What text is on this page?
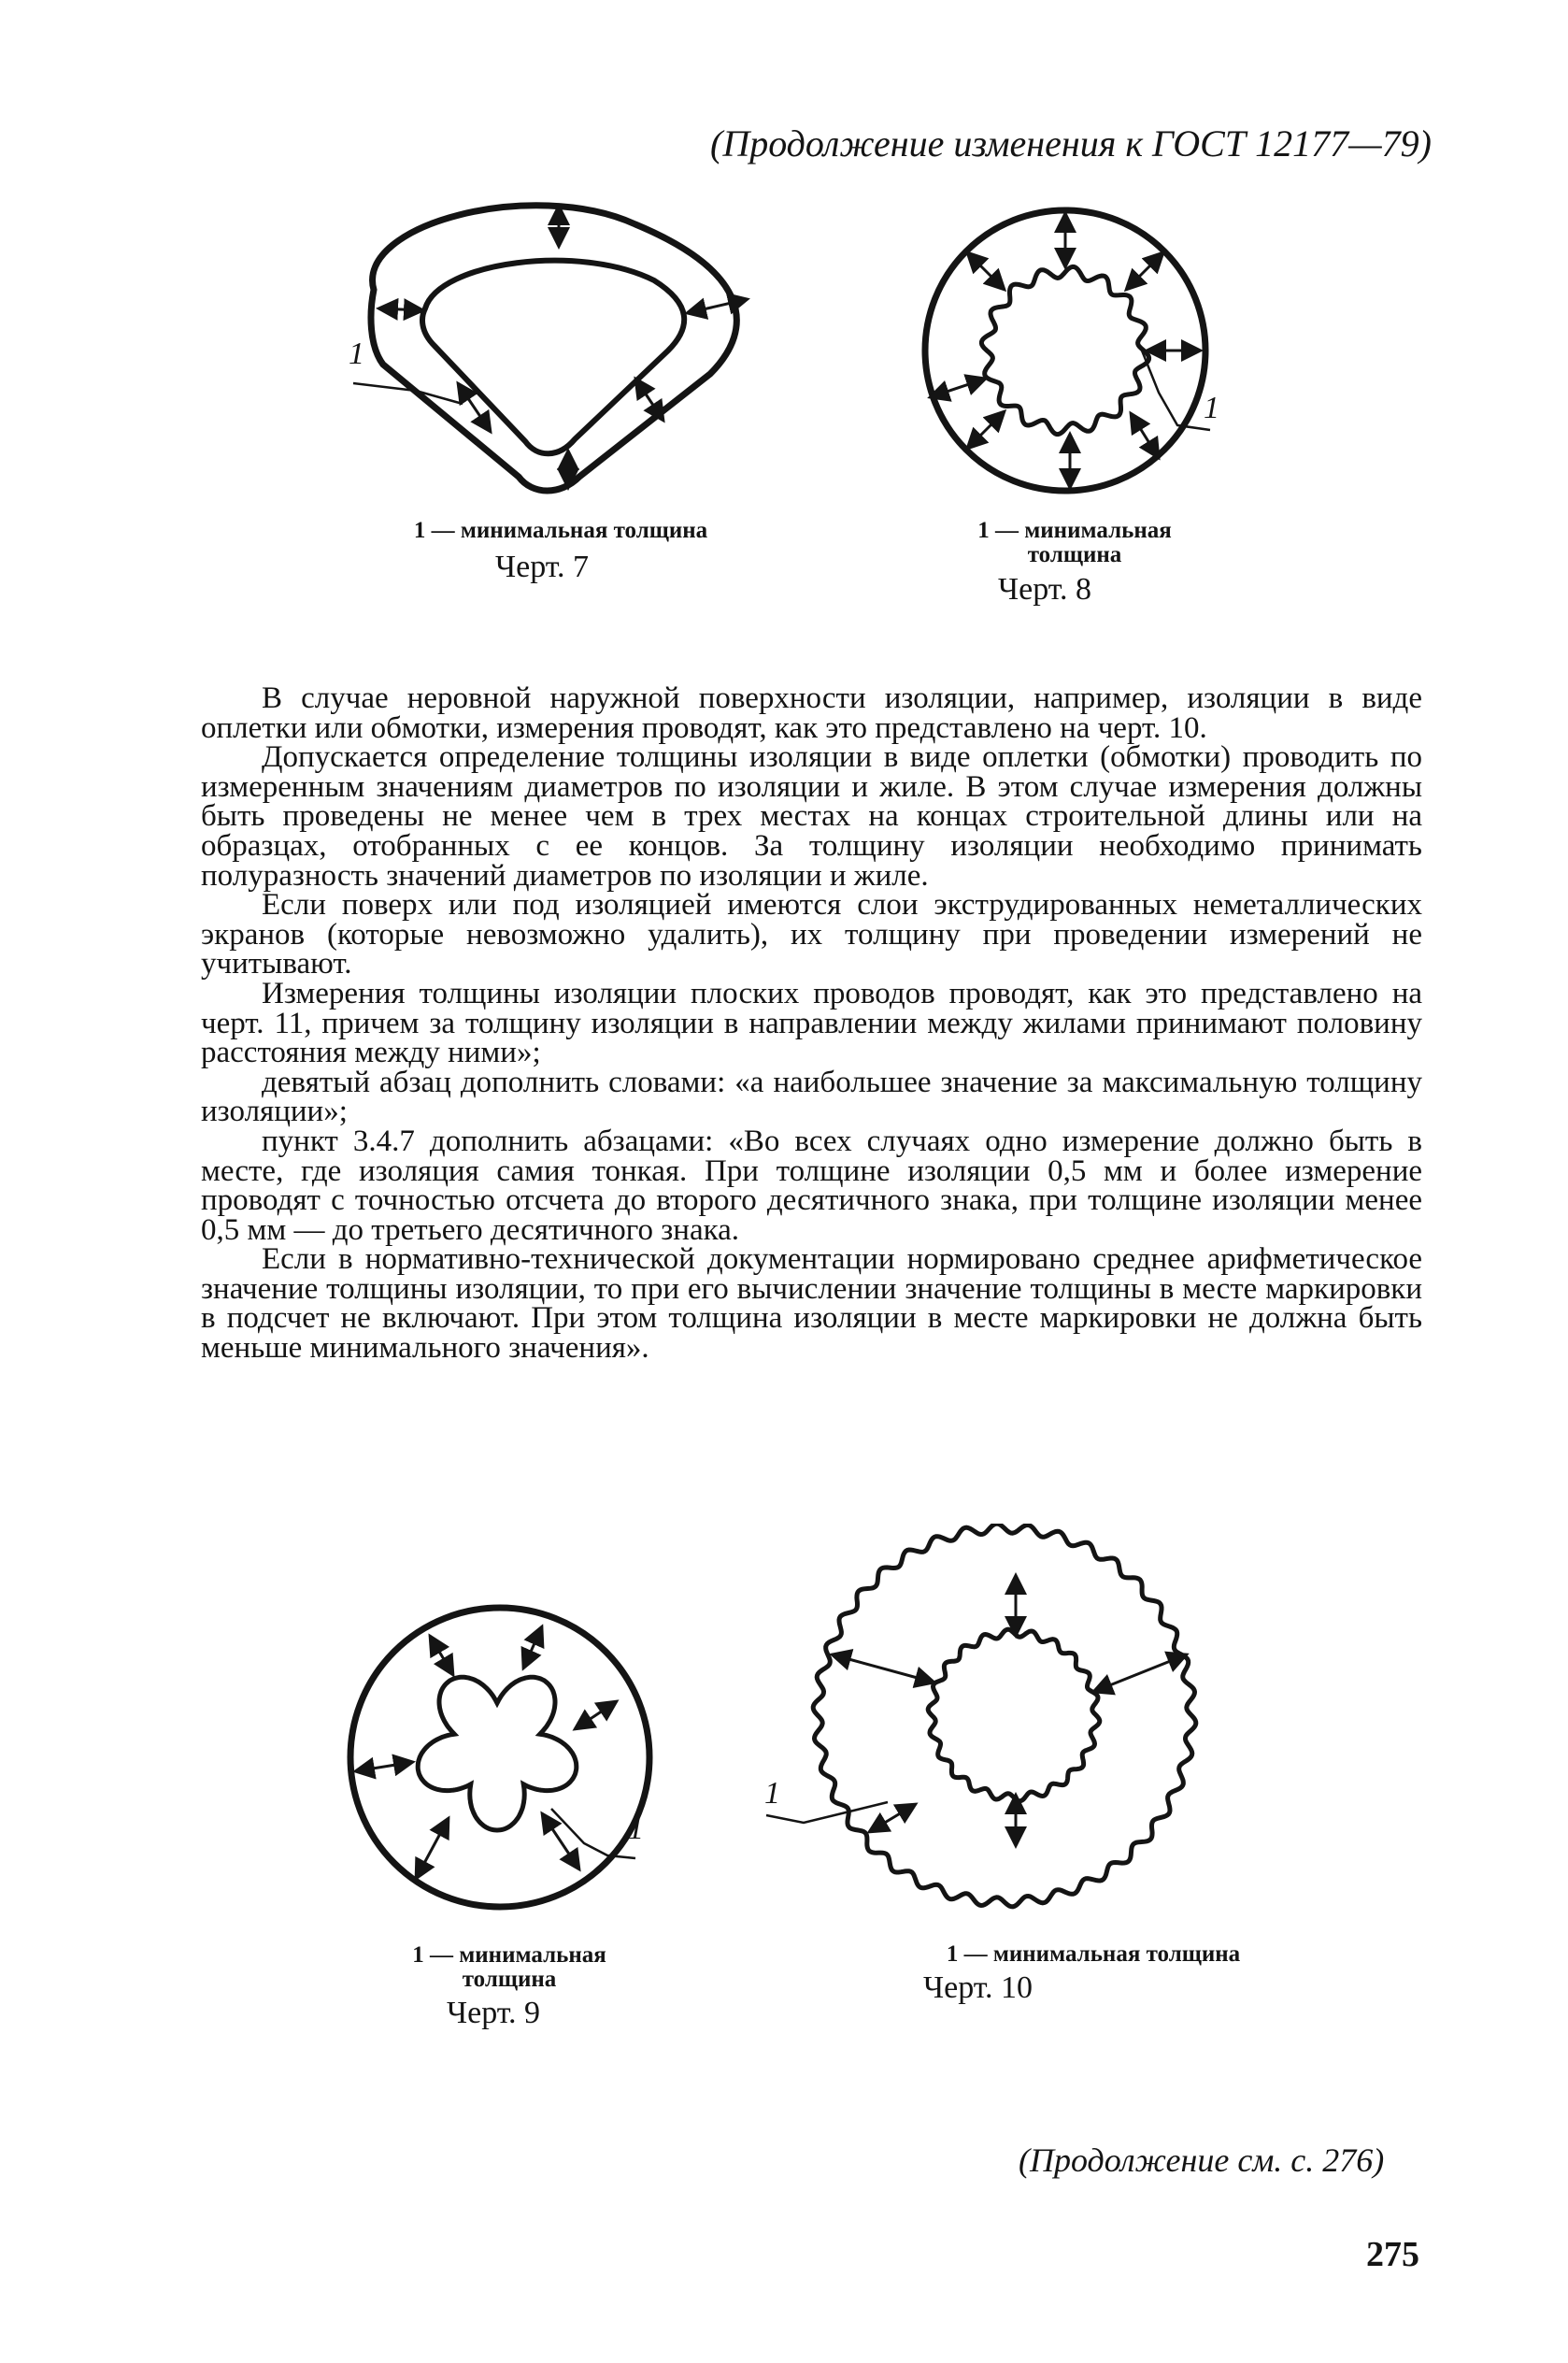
(Продолжение изменения к ГОСТ 12177—79)
1
1 — минимальная толщина
Черт. 7
1
1 — минимальная
толщина
Черт. 8

В случае неровной наружной поверхности изоляции, например, изоляции в виде оплетки или обмотки, измерения проводят, как это представлено на черт. 10.

Допускается определение толщины изоляции в виде оплетки (обмотки) проводить по измеренным значениям диаметров по изоляции и жиле. В этом случае измерения должны быть проведены не менее чем в трех местах на концах строительной длины или на образцах, отобранных с ее концов. За толщину изоляции необходимо принимать полуразность значений диаметров по изоляции и жиле.

Если поверх или под изоляцией имеются слои экструдированных неметаллических экранов (которые невозможно удалить), их толщину при проведении измерений не учитывают.

Измерения толщины изоляции плоских проводов проводят, как это представлено на черт. 11, причем за толщину изоляции в направлении между жилами принимают половину расстояния между ними»;

девятый абзац дополнить словами: «а наибольшее значение за максимальную толщину изоляции»;

пункт 3.4.7 дополнить абзацами: «Во всех случаях одно измерение должно быть в месте, где изоляция самия тонкая. При толщине изоляции 0,5 мм и более измерение проводят с точностью отсчета до второго десятичного знака, при толщине изоляции менее 0,5 мм — до третьего десятичного знака.

Если в нормативно-технической документации нормировано среднее арифметическое значение толщины изоляции, то при его вычислении значение толщины в месте маркировки в подсчет не включают. При этом толщина изоляции в месте маркировки не должна быть меньше минимального значения».

1
1 — минимальная
толщина
Черт. 9
1
1 — минимальная толщина
Черт. 10
(Продолжение см. с. 276)
275
